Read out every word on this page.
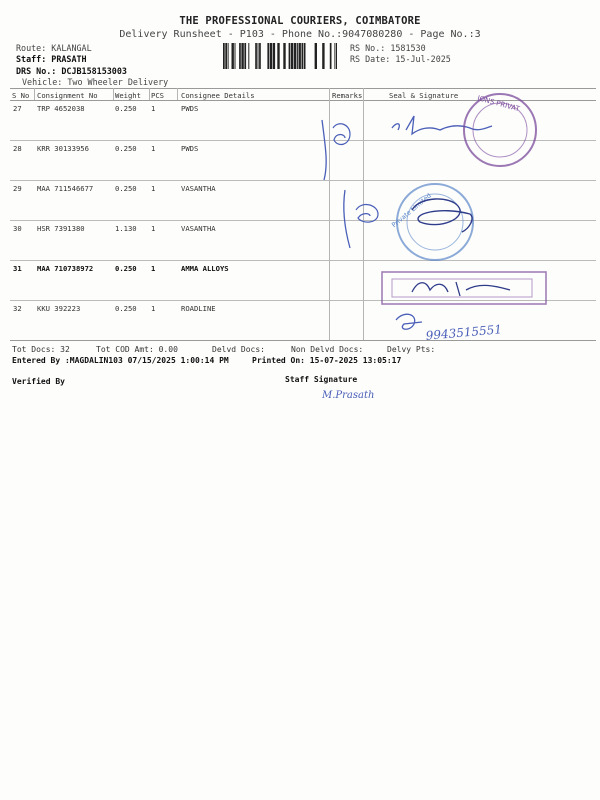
THE PROFESSIONAL COURIERS, COIMBATORE
Delivery Runsheet - P103 - Phone No.:9047080280 - Page No.:3
Route: KALANGAL
Staff: PRASATH
DRS No.: DCJB158153003
Vehicle: Two Wheeler Delivery
RS No.: 1581530
RS Date: 15-Jul-2025
S No Consignment No Weight PCS Consignee Details	Remarks	Seal & Signature
27 TRP 4652038	0.250 1	PWDS
28 KRR 30133956	0.250 1	PWDS
29 MAA 711546677	0.250 1	VASANTHA
30 HSR 7391380	1.130 1	VASANTHA
31 MAA 710738972	0.250 1	AMMA ALLOYS
32 KKU 392223	0.250 1	ROADLINE
IONS PRIVAT
Private Limited
9943515551
M.Prasath
Tot Docs: 32	Tot COD Amt: 0.00	Delvd Docs:	Non Delvd Docs:	Delvy Pts:
Entered By :MAGDALIN103 07/15/2025 1:00:14 PM	Printed On: 15-07-2025 13:05:17
Verified By	Staff Signature
